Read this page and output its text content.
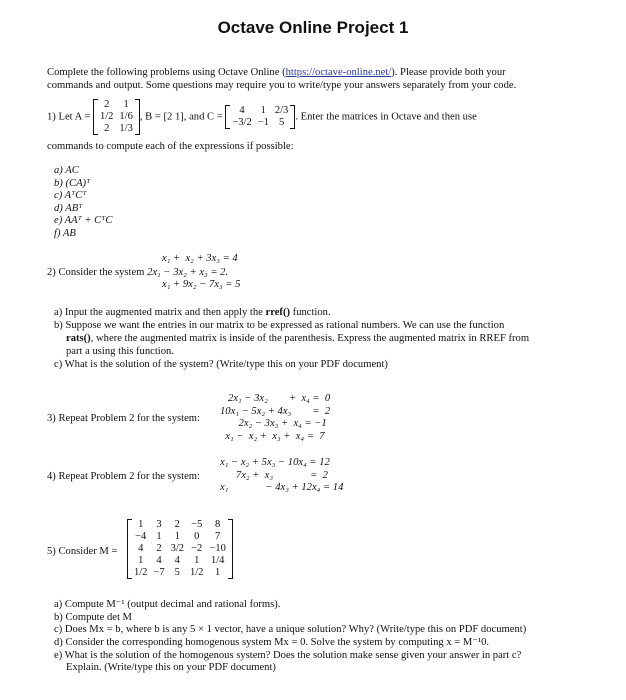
Octave Online Project 1
Complete the following problems using Octave Online (https://octave-online.net/). Please provide both your
commands and output. Some questions may require you to write/type your answers separately from your code.
1) Let A =
2	1
1/2	1/6
2	1/3
, B = [2 1], and C =
4	1	2/3
−3/2	−1	5
. Enter the matrices in Octave and then use
commands to compute each of the expressions if possible:
a) AC
b) (CA)ᵀ
c) AᵀCᵀ
d) ABᵀ
e) AAᵀ + CᵀC
f) AB
x₁ +  x₂ + 3x₃ = 4
2) Consider the system 2x₁ − 3x₂ + x₃ = 2.
x₁ + 9x₂ − 7x₃ = 5
a) Input the augmented matrix and then apply the rref() function.
b) Suppose we want the entries in our matrix to be expressed as rational numbers. We can use the function
rats(), where the augmented matrix is inside of the parenthesis. Express the augmented matrix in RREF from
part a using this function.
c) What is the solution of the system? (Write/type this on your PDF document)
3) Repeat Problem 2 for the system:
2x₁ − 3x₂        +  x₄ =  0
10x₁ − 5x₂ + 4x₃        =  2
2x₂ − 3x₃ +  x₄ = −1
x₁ −  x₂ +  x₃ +  x₄ =  7
4) Repeat Problem 2 for the system:
x₁ − x₂ + 5x₃ − 10x₄ = 12
7x₂ +  x₃              =  2
x₁              − 4x₃ + 12x₄ = 14
5) Consider M =
1	3	2	−5	8
−4	1	1	0	7
4	2	3/2	−2	−10
1	4	4	1	1/4
1/2	−7	5	1/2	1
a) Compute M⁻¹ (output decimal and rational forms).
b) Compute det M
c) Does Mx = b, where b is any 5 × 1 vector, have a unique solution? Why? (Write/type this on PDF document)
d) Consider the corresponding homogenous system Mx = 0. Solve the system by computing x = M⁻¹0.
e) What is the solution of the homogenous system? Does the solution make sense given your answer in part c?
Explain. (Write/type this on your PDF document)
